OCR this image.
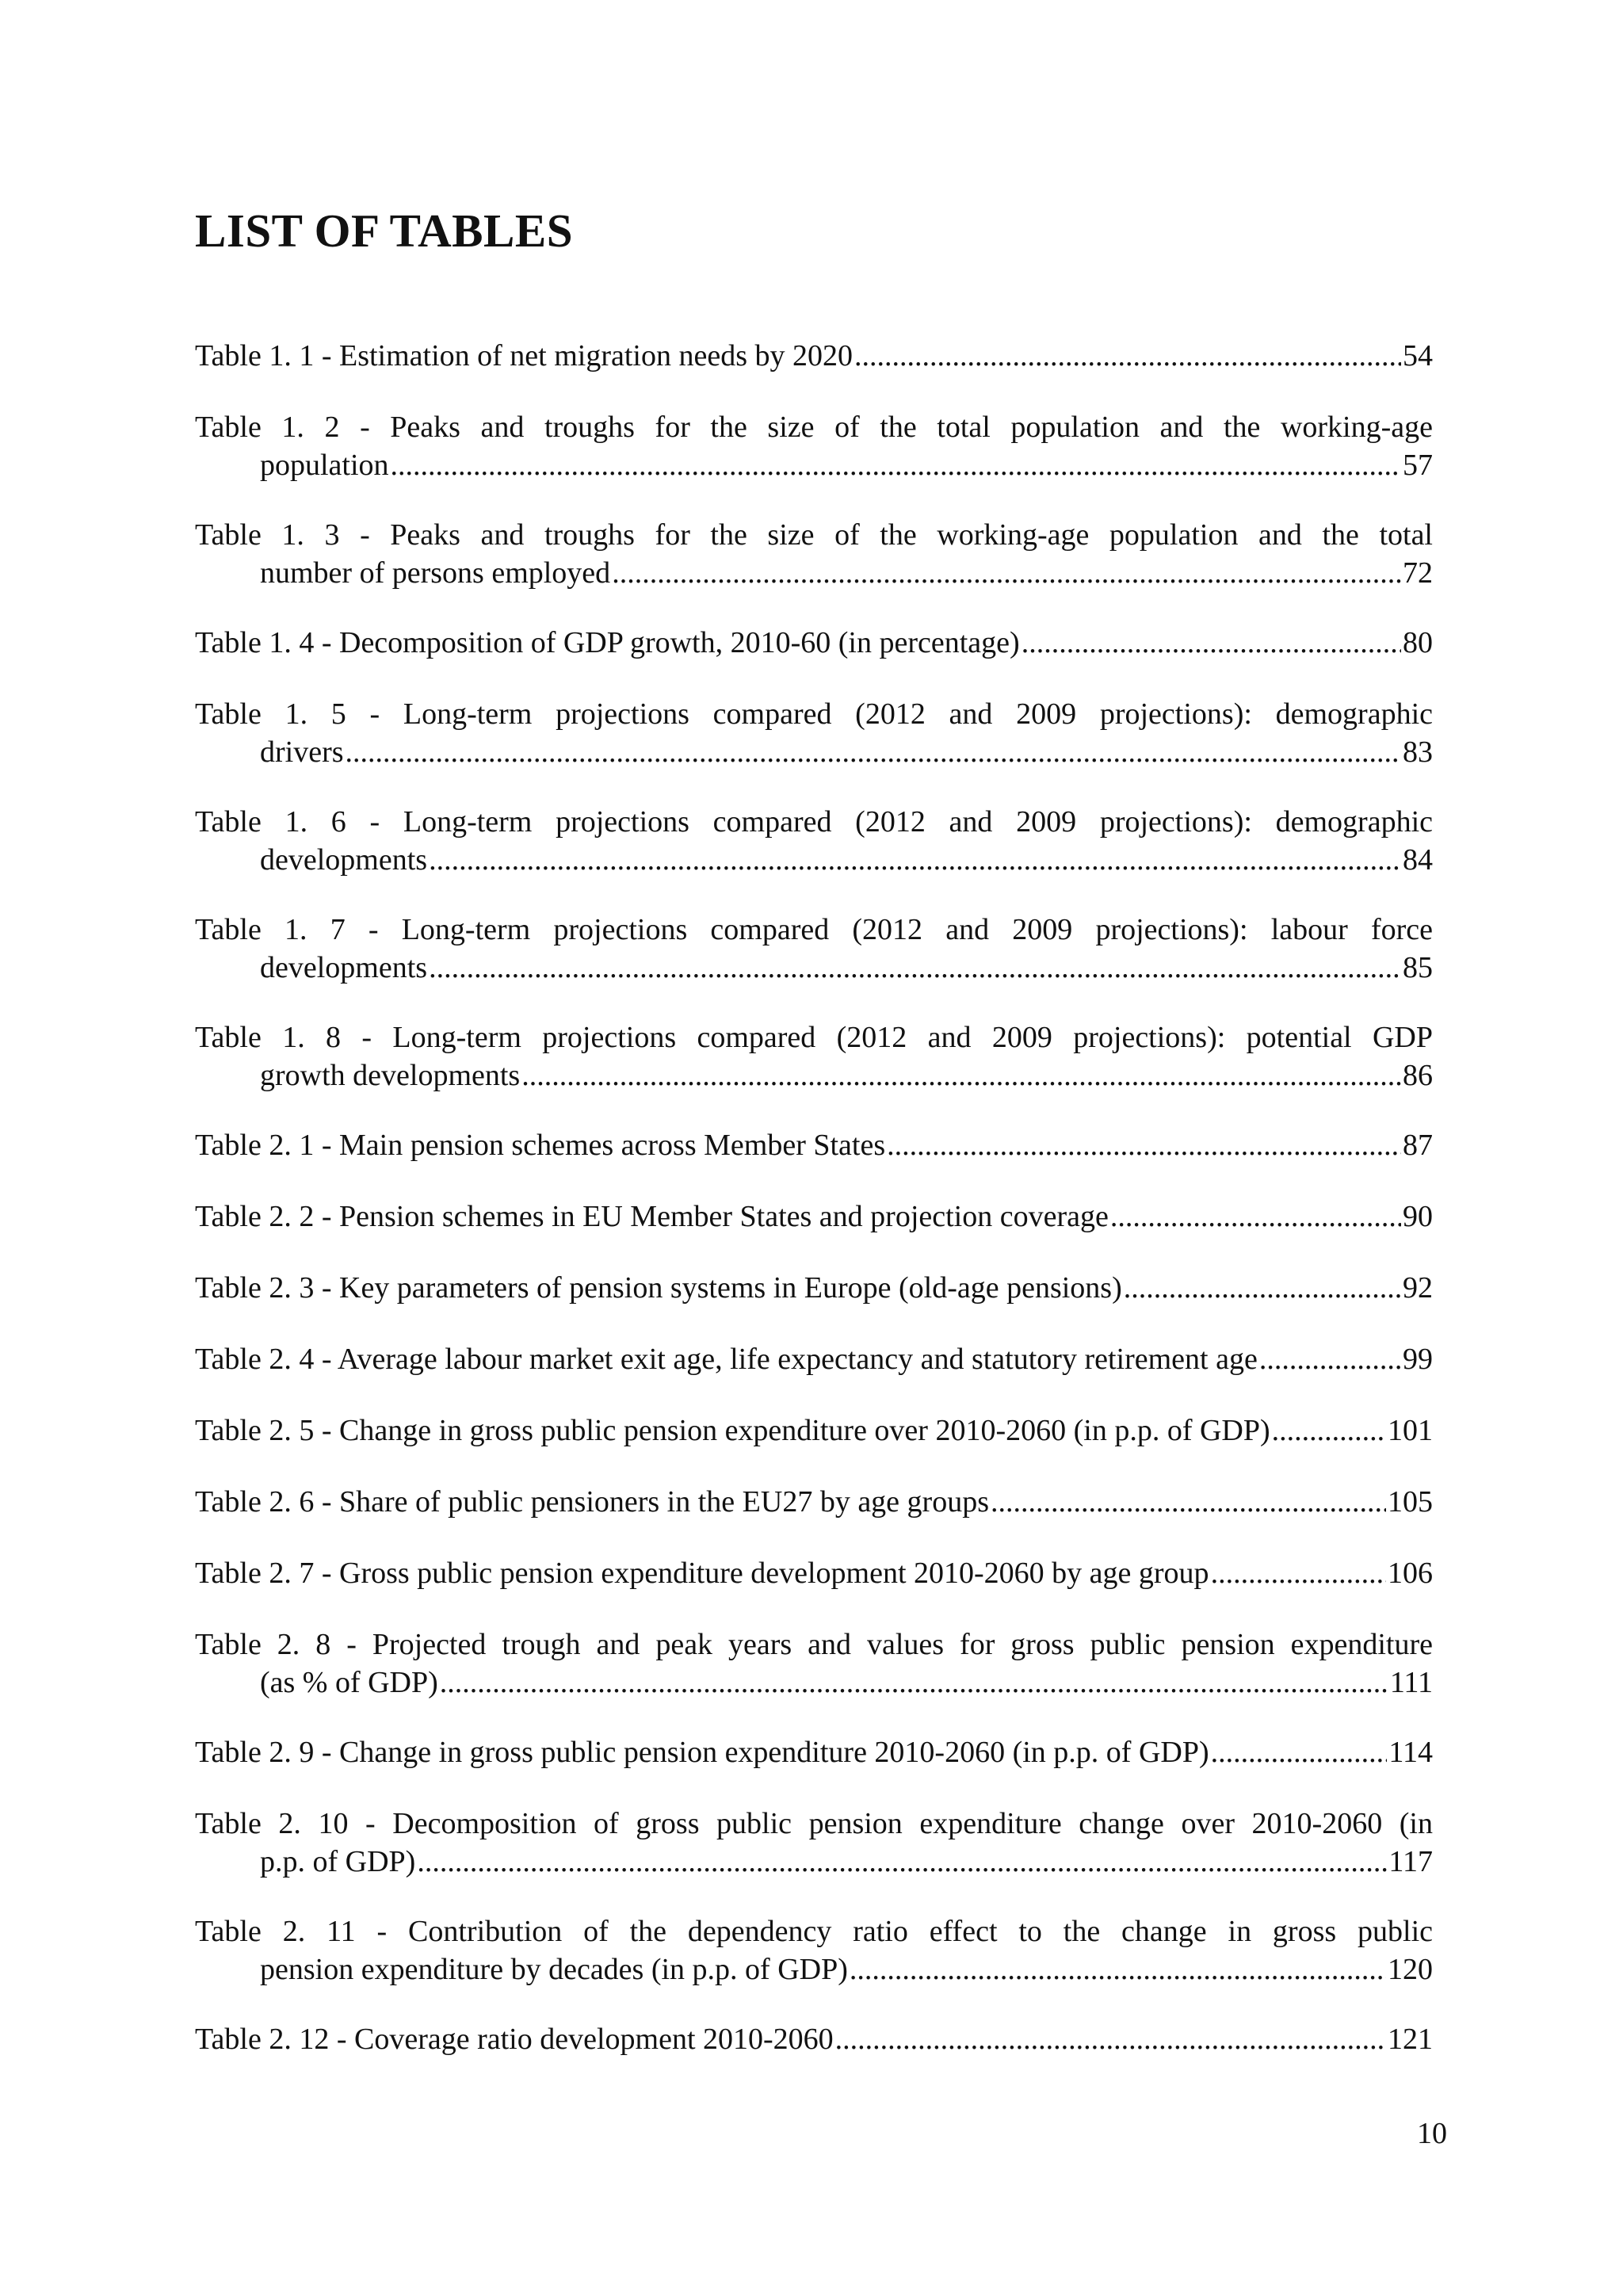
LIST OF TABLES
Table 1. 1 - Estimation of net migration needs by 2020 .....	54
Table 1. 2 - Peaks and troughs for the size of the total population and the working-age
population .....	57
Table 1. 3 - Peaks and troughs for the size of the working-age population and the total
number of persons employed .....	72
Table 1. 4 - Decomposition of GDP growth, 2010-60 (in percentage) .....	80
Table 1. 5 - Long-term projections compared (2012 and 2009 projections): demographic
drivers .....	83
Table 1. 6 - Long-term projections compared (2012 and 2009 projections): demographic
developments .....	84
Table 1. 7 - Long-term projections compared (2012 and 2009 projections): labour force
developments .....	85
Table 1. 8 - Long-term projections compared (2012 and 2009 projections): potential GDP
growth developments .....	86
Table 2. 1 - Main pension schemes across Member States .....	87
Table 2. 2 - Pension schemes in EU Member States and projection coverage .....	90
Table 2. 3 - Key parameters of pension systems in Europe (old-age pensions) .....	92
Table 2. 4 - Average labour market exit age, life expectancy and statutory retirement age .....	99
Table 2. 5 - Change in gross public pension expenditure over 2010-2060 (in p.p. of GDP) .....	101
Table 2. 6 - Share of public pensioners in the EU27 by age groups .....	105
Table 2. 7 - Gross public pension expenditure development 2010-2060 by age group .....	106
Table 2. 8 - Projected trough and peak years and values for gross public pension expenditure
(as % of GDP) .....	111
Table 2. 9 - Change in gross public pension expenditure 2010-2060 (in p.p. of GDP) .....	114
Table 2. 10 - Decomposition of gross public pension expenditure change over 2010-2060 (in
p.p. of GDP) .....	117
Table 2. 11 - Contribution of the dependency ratio effect to the change in gross public
pension expenditure by decades (in p.p. of GDP) .....	120
Table 2. 12 - Coverage ratio development 2010-2060 .....	121
10
